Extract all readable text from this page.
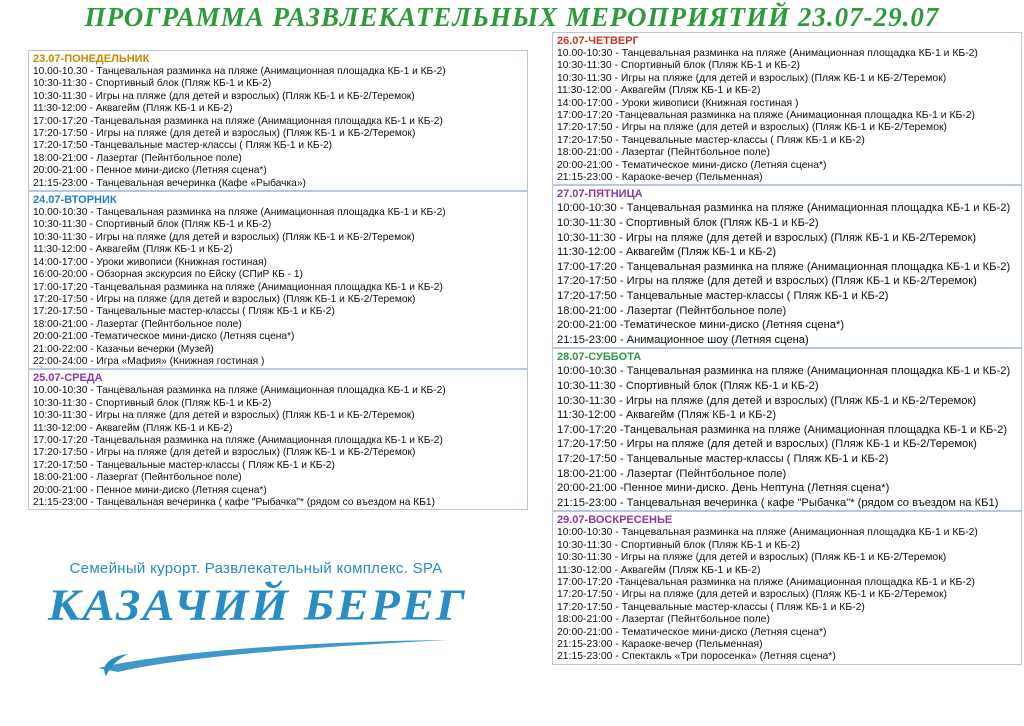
ПРОГРАММА РАЗВЛЕКАТЕЛЬНЫХ МЕРОПРИЯТИЙ 23.07-29.07
23.07-ПОНЕДЕЛЬНИК
10.00-10.30 - Танцевальная разминка на пляже (Анимационная площадка КБ-1 и КБ-2)
10:30-11:30 - Спортивный блок (Пляж КБ-1 и КБ-2)
10:30-11:30 - Игры на пляже (для детей и взрослых) (Пляж КБ-1 и КБ-2/Теремок)
11:30-12:00 - Аквагейм (Пляж КБ-1 и КБ-2)
17:00-17:20 -Танцевальная разминка на пляже (Анимационная площадка КБ-1 и КБ-2)
17:20-17:50 - Игры на пляже (для детей и взрослых) (Пляж КБ-1 и КБ-2/Теремок)
17:20-17:50 -Танцевальные мастер-классы ( Пляж КБ-1 и КБ-2)
18:00-21:00 - Лазертаг (Пейнтбольное поле)
20:00-21:00 - Пенное мини-диско (Летняя сцена*)
21:15-23:00 - Танцевальная вечеринка (Кафе «Рыбачка»)
24.07-ВТОРНИК
10.00-10:30 - Танцевальная разминка на пляже (Анимационная площадка КБ-1 и КБ-2)
10:30-11:30 - Спортивный блок (Пляж КБ-1 и КБ-2)
10:30-11:30 - Игры на пляже (для детей и взрослых) (Пляж КБ-1 и КБ-2/Теремок)
11:30-12:00 - Аквагейм (Пляж КБ-1 и КБ-2)
14:00-17:00 - Уроки живописи (Книжная гостиная)
16:00-20:00 - Обзорная экскурсия по Ейску (СПиР КБ - 1)
17:00-17:20 -Танцевальная разминка на пляже (Анимационная площадка КБ-1 и КБ-2)
17:20-17:50 - Игры на пляже (для детей и взрослых) (Пляж КБ-1 и КБ-2/Теремок)
17:20-17:50 - Танцевальные мастер-классы ( Пляж КБ-1 и КБ-2)
18:00-21:00 - Лазертаг (Пейнтбольное поле)
20:00-21:00 -Тематическое мини-диско (Летняя сцена*)
21:00-22:00 - Казачьи вечерки (Музей)
22:00-24:00 - Игра «Мафия» (Книжная гостиная )
25.07-СРЕДА
10.00-10:30 - Танцевальная разминка на пляже (Анимационная площадка КБ-1 и КБ-2)
10:30-11:30 - Спортивный блок (Пляж КБ-1 и КБ-2)
10:30-11:30 - Игры на пляже (для детей и взрослых) (Пляж КБ-1 и КБ-2/Теремок)
11:30-12:00 - Аквагейм (Пляж КБ-1 и КБ-2)
17:00-17:20 -Танцевальная разминка на пляже (Анимационная площадка КБ-1 и КБ-2)
17:20-17:50 - Игры на пляже (для детей и взрослых) (Пляж КБ-1 и КБ-2/Теремок)
17:20-17:50 - Танцевальные мастер-классы ( Пляж КБ-1 и КБ-2)
18:00-21:00 - Лазергат (Пейнтбольное поле)
20:00-21:00 - Пенное мини-диско (Летняя сцена*)
21:15-23:00 - Танцевальная вечеринка ( кафе "Рыбачка"* (рядом со въездом на КБ1)
26.07-ЧЕТВЕРГ
10.00-10:30 - Танцевальная разминка на пляже (Анимационная площадка КБ-1 и КБ-2)
10:30-11:30 - Спортивный блок (Пляж КБ-1 и КБ-2)
10:30-11:30 - Игры на пляже (для детей и взрослых) (Пляж КБ-1 и КБ-2/Теремок)
11:30-12:00 - Аквагейм (Пляж КБ-1 и КБ-2)
14:00-17:00 - Уроки живописи (Книжная гостиная )
17:00-17:20 -Танцевальная разминка на пляже (Анимационная площадка КБ-1 и КБ-2)
17:20-17:50 - Игры на пляже (для детей и взрослых) (Пляж КБ-1 и КБ-2/Теремок)
17:20-17:50 - Танцевальные мастер-классы ( Пляж КБ-1 и КБ-2)
18:00-21:00 - Лазертаг (Пейнтбольное поле)
20:00-21:00 - Тематическое мини-диско (Летняя сцена*)
21:15-23:00 - Караоке-вечер (Пельменная)
27.07-ПЯТНИЦА
10:00-10:30 - Танцевальная разминка на пляже (Анимационная площадка КБ-1 и КБ-2)
10:30-11:30 - Спортивный блок (Пляж КБ-1 и КБ-2)
10:30-11:30 - Игры на пляже (для детей и взрослых) (Пляж КБ-1 и КБ-2/Теремок)
11:30-12:00 - Аквагейм (Пляж КБ-1 и КБ-2)
17:00-17:20 - Танцевальная разминка на пляже (Анимационная площадка КБ-1 и КБ-2)
17:20-17:50 - Игры на пляже (для детей и взрослых) (Пляж КБ-1 и КБ-2/Теремок)
17:20-17:50 - Танцевальные мастер-классы ( Пляж КБ-1 и КБ-2)
18:00-21:00 - Лазертаг (Пейнтбольное поле)
20:00-21:00 -Тематическое мини-диско (Летняя сцена*)
21:15-23:00 - Анимационное шоу (Летняя сцена)
28.07-СУББОТА
10:00-10:30 - Танцевальная разминка на пляже (Анимационная площадка КБ-1 и КБ-2)
10:30-11:30 - Спортивный блок (Пляж КБ-1 и КБ-2)
10:30-11:30 - Игры на пляже (для детей и взрослых) (Пляж КБ-1 и КБ-2/Теремок)
11:30-12:00 - Аквагейм (Пляж КБ-1 и КБ-2)
17:00-17:20 -Танцевальная разминка на пляже (Анимационная площадка КБ-1 и КБ-2)
17:20-17:50 - Игры на пляже (для детей и взрослых) (Пляж КБ-1 и КБ-2/Теремок)
17:20-17:50 - Танцевальные мастер-классы ( Пляж КБ-1 и КБ-2)
18:00-21:00 - Лазертаг (Пейнтбольное поле)
20:00-21:00 -Пенное мини-диско. День Нептуна (Летняя сцена*)
21:15-23:00 - Танцевальная вечеринка ( кафе "Рыбачка"* (рядом со въездом на КБ1)
29.07-ВОСКРЕСЕНЬЕ
10:00-10:30 - Танцевальная разминка на пляже (Анимационная площадка КБ-1 и КБ-2)
10:30-11:30 - Спортивный блок (Пляж КБ-1 и КБ-2)
10:30-11:30 - Игры на пляже (для детей и взрослых) (Пляж КБ-1 и КБ-2/Теремок)
11:30-12:00 - Аквагейм (Пляж КБ-1 и КБ-2)
17:00-17:20 -Танцевальная разминка на пляже (Анимационная площадка КБ-1 и КБ-2)
17:20-17:50 - Игры на пляже (для детей и взрослых) (Пляж КБ-1 и КБ-2/Теремок)
17:20-17:50 - Танцевальные мастер-классы ( Пляж КБ-1 и КБ-2)
18:00-21:00 - Лазертаг (Пейнтбольное поле)
20:00-21:00 - Тематическое мини-диско (Летняя сцена*)
21:15-23:00 - Караоке-вечер (Пельменная)
21:15-23:00 - Спектакль «Три поросенка» (Летняя сцена*)
Семейный курорт. Развлекательный комплекс. SPA
КАЗАЧИЙ БЕРЕГ
